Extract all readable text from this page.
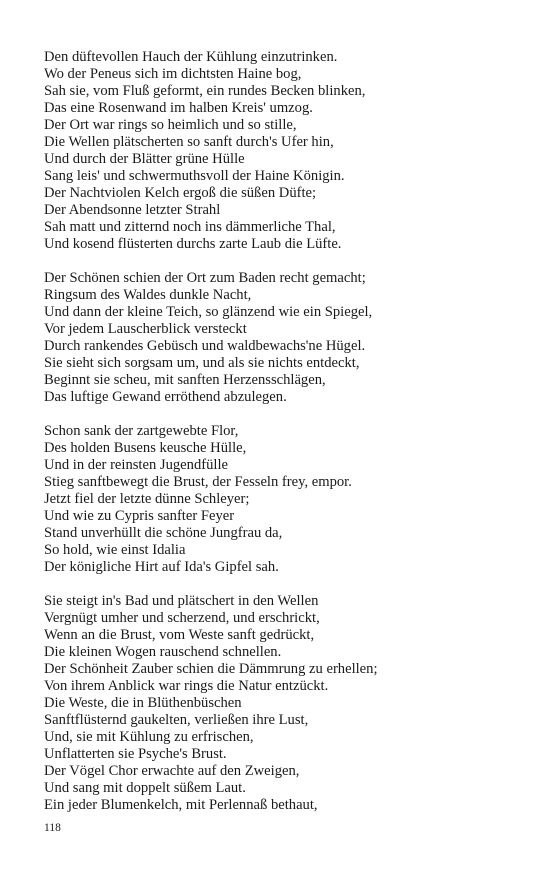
Den düftevollen Hauch der Kühlung einzutrinken.
Wo der Peneus sich im dichtsten Haine bog,
Sah sie, vom Fluß geformt, ein rundes Becken blinken,
Das eine Rosenwand im halben Kreis' umzog.
Der Ort war rings so heimlich und so stille,
Die Wellen plätscherten so sanft durch's Ufer hin,
Und durch der Blätter grüne Hülle
Sang leis' und schwermuthsvoll der Haine Königin.
Der Nachtviolen Kelch ergoß die süßen Düfte;
Der Abendsonne letzter Strahl
Sah matt und zitternd noch ins dämmerliche Thal,
Und kosend flüsterten durchs zarte Laub die Lüfte.
Der Schönen schien der Ort zum Baden recht gemacht;
Ringsum des Waldes dunkle Nacht,
Und dann der kleine Teich, so glänzend wie ein Spiegel,
Vor jedem Lauscherblick versteckt
Durch rankendes Gebüsch und waldbewachs'ne Hügel.
Sie sieht sich sorgsam um, und als sie nichts entdeckt,
Beginnt sie scheu, mit sanften Herzensschlägen,
Das luftige Gewand erröthend abzulegen.
Schon sank der zartgewebte Flor,
Des holden Busens keusche Hülle,
Und in der reinsten Jugendfülle
Stieg sanftbewegt die Brust, der Fesseln frey, empor.
Jetzt fiel der letzte dünne Schleyer;
Und wie zu Cypris sanfter Feyer
Stand unverhüllt die schöne Jungfrau da,
So hold, wie einst Idalia
Der königliche Hirt auf Ida's Gipfel sah.
Sie steigt in's Bad und plätschert in den Wellen
Vergnügt umher und scherzend, und erschrickt,
Wenn an die Brust, vom Weste sanft gedrückt,
Die kleinen Wogen rauschend schnellen.
Der Schönheit Zauber schien die Dämmrung zu erhellen;
Von ihrem Anblick war rings die Natur entzückt.
Die Weste, die in Blüthenbüschen
Sanftflüsternd gaukelten, verließen ihre Lust,
Und, sie mit Kühlung zu erfrischen,
Unflatterten sie Psyche's Brust.
Der Vögel Chor erwachte auf den Zweigen,
Und sang mit doppelt süßem Laut.
Ein jeder Blumenkelch, mit Perlennaß bethaut,
118
